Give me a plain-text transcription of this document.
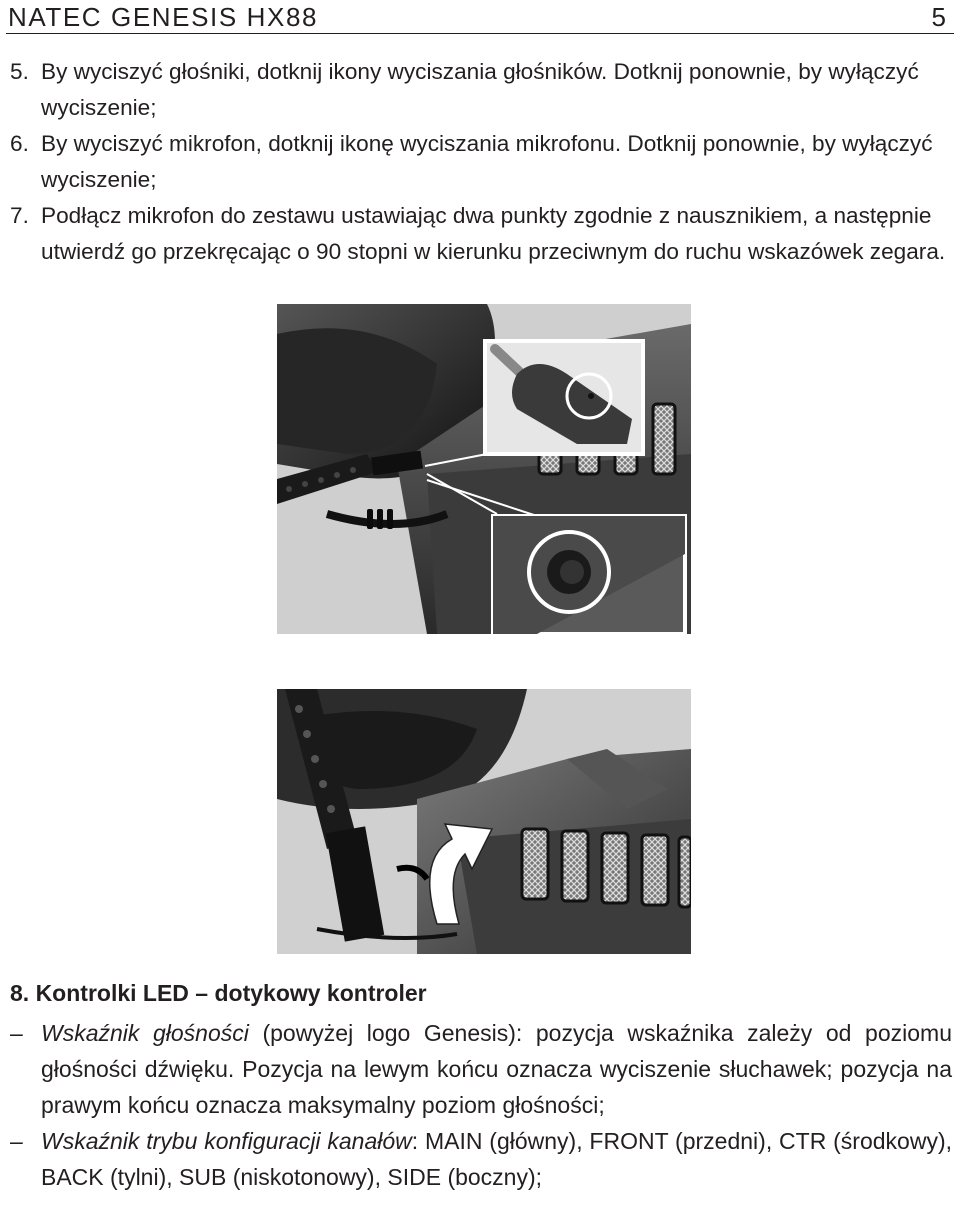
NATEC GENESIS HX88	5
5. By wyciszyć głośniki, dotknij ikony wyciszania głośników. Dotknij ponownie, by wyłączyć wyciszenie;
6. By wyciszyć mikrofon, dotknij ikonę wyciszania mikrofonu. Dotknij ponownie, by wyłączyć wyciszenie;
7. Podłącz mikrofon do zestawu ustawiając dwa punkty zgodnie z nausznikiem, a następnie utwierdź go przekręcając o 90 stopni w kierunku przeciwnym do ruchu wskazówek zegara.
8. Kontrolki LED – dotykowy kontroler
– Wskaźnik głośności (powyżej logo Genesis): pozycja wskaźnika zależy od poziomu głośności dźwięku. Pozycja na lewym końcu oznacza wyciszenie słuchawek; pozycja na prawym końcu oznacza maksymalny poziom głośności;
– Wskaźnik trybu konfiguracji kanałów: MAIN (główny), FRONT (przedni), CTR (środkowy), BACK (tylni), SUB (niskotonowy), SIDE (boczny);
